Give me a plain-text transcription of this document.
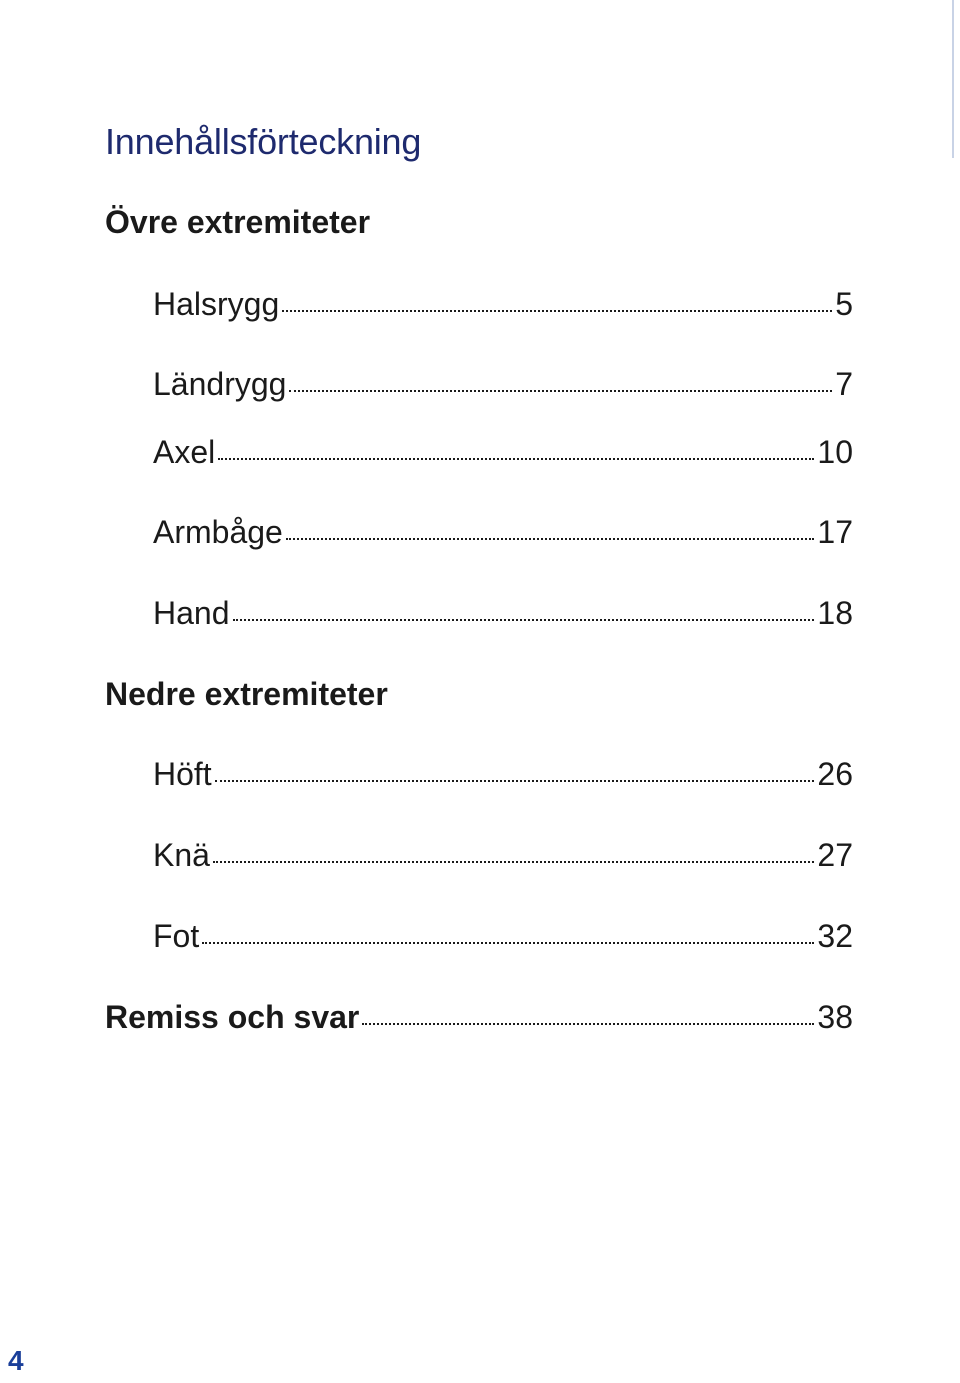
Innehållsförteckning
Övre extremiteter
Halsrygg	5
Ländrygg	7
Axel	10
Armbåge	17
Hand	18
Nedre extremiteter
Höft	26
Knä	27
Fot	32
Remiss och svar	38
4
